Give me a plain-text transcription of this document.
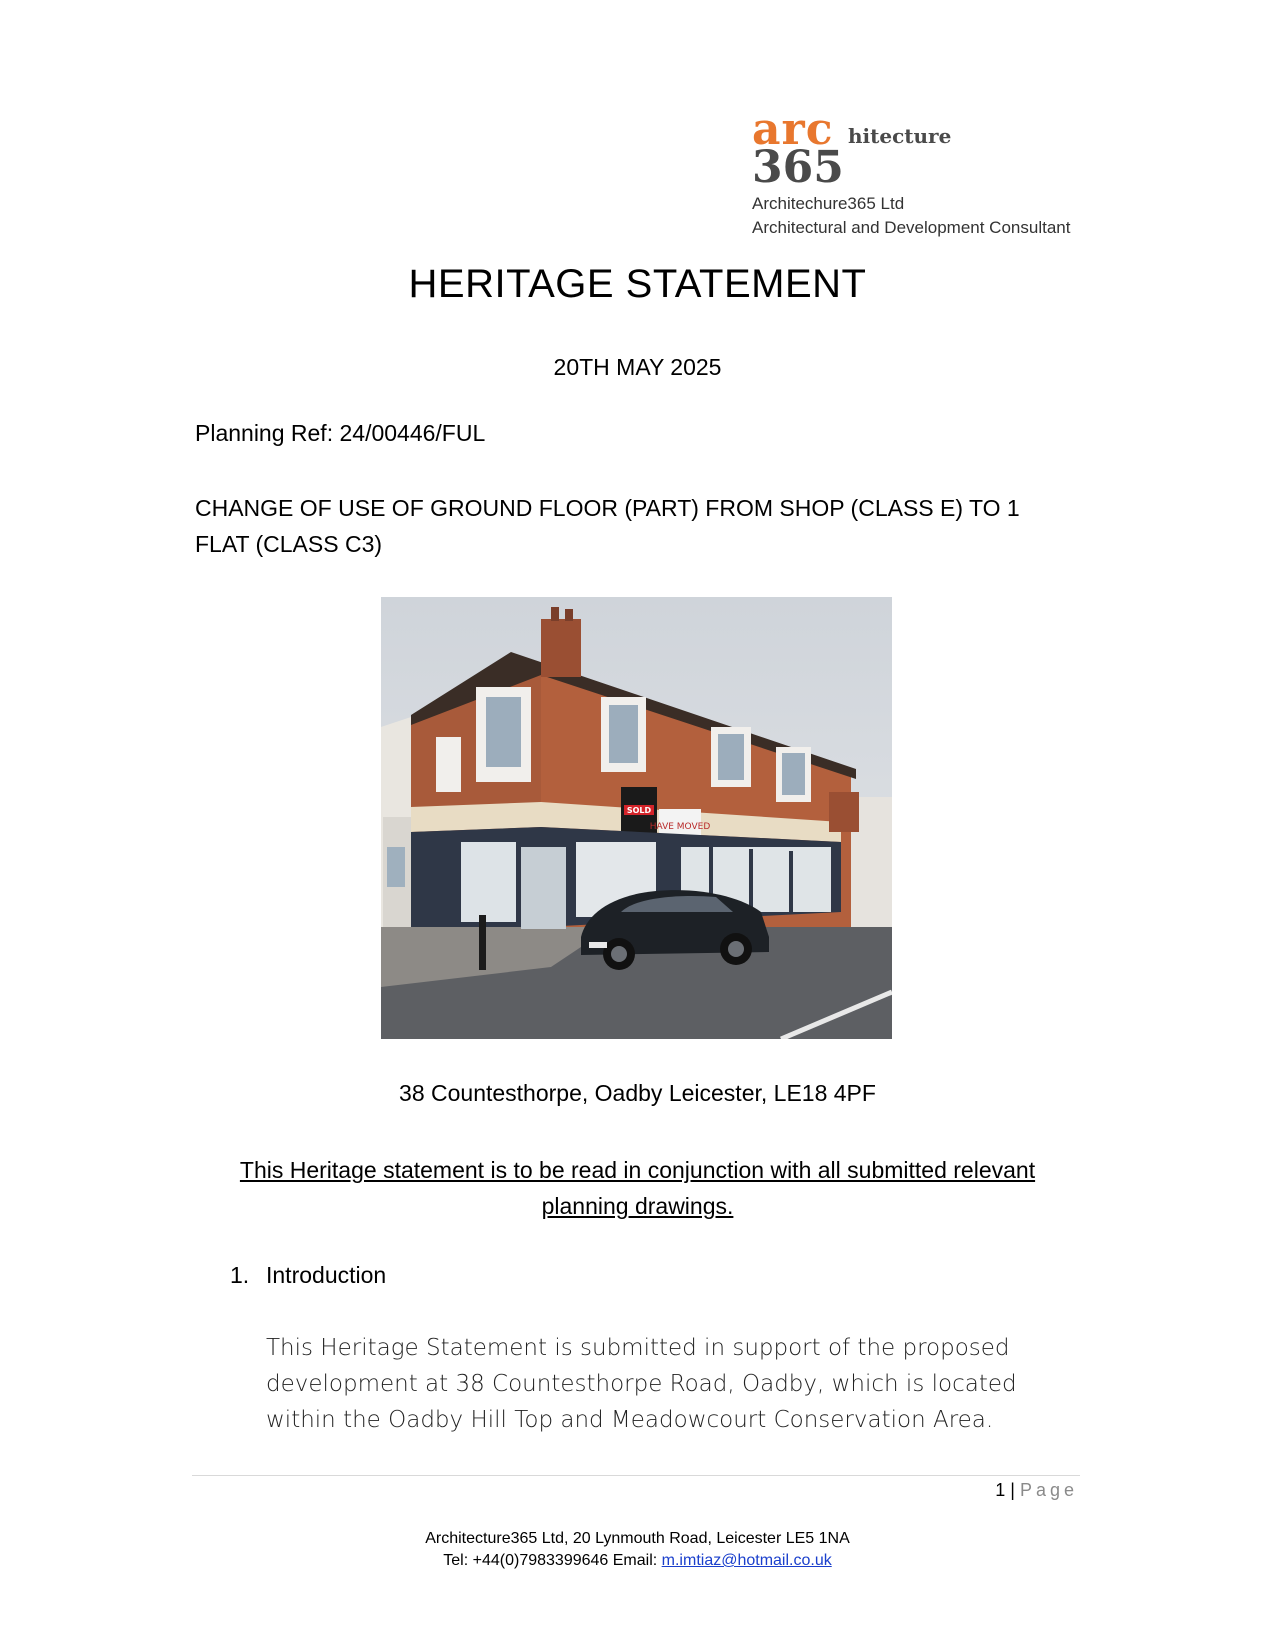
arc hitecture
365
Architechure365 Ltd
Architectural and Development Consultant
HERITAGE STATEMENT
20TH MAY 2025
Planning Ref: 24/00446/FUL
CHANGE OF USE OF GROUND FLOOR (PART) FROM SHOP (CLASS E) TO 1 FLAT (CLASS C3)
SOLD
HAVE MOVED
38 Countesthorpe, Oadby Leicester, LE18 4PF
This Heritage statement is to be read in conjunction with all submitted relevant planning drawings.
1. Introduction
This Heritage Statement is submitted in support of the proposed development at 38 Countesthorpe Road, Oadby, which is located within the Oadby Hill Top and Meadowcourt Conservation Area.
1 | Page
Architecture365 Ltd, 20 Lynmouth Road, Leicester LE5 1NA
Tel: +44(0)7983399646 Email: m.imtiaz@hotmail.co.uk
